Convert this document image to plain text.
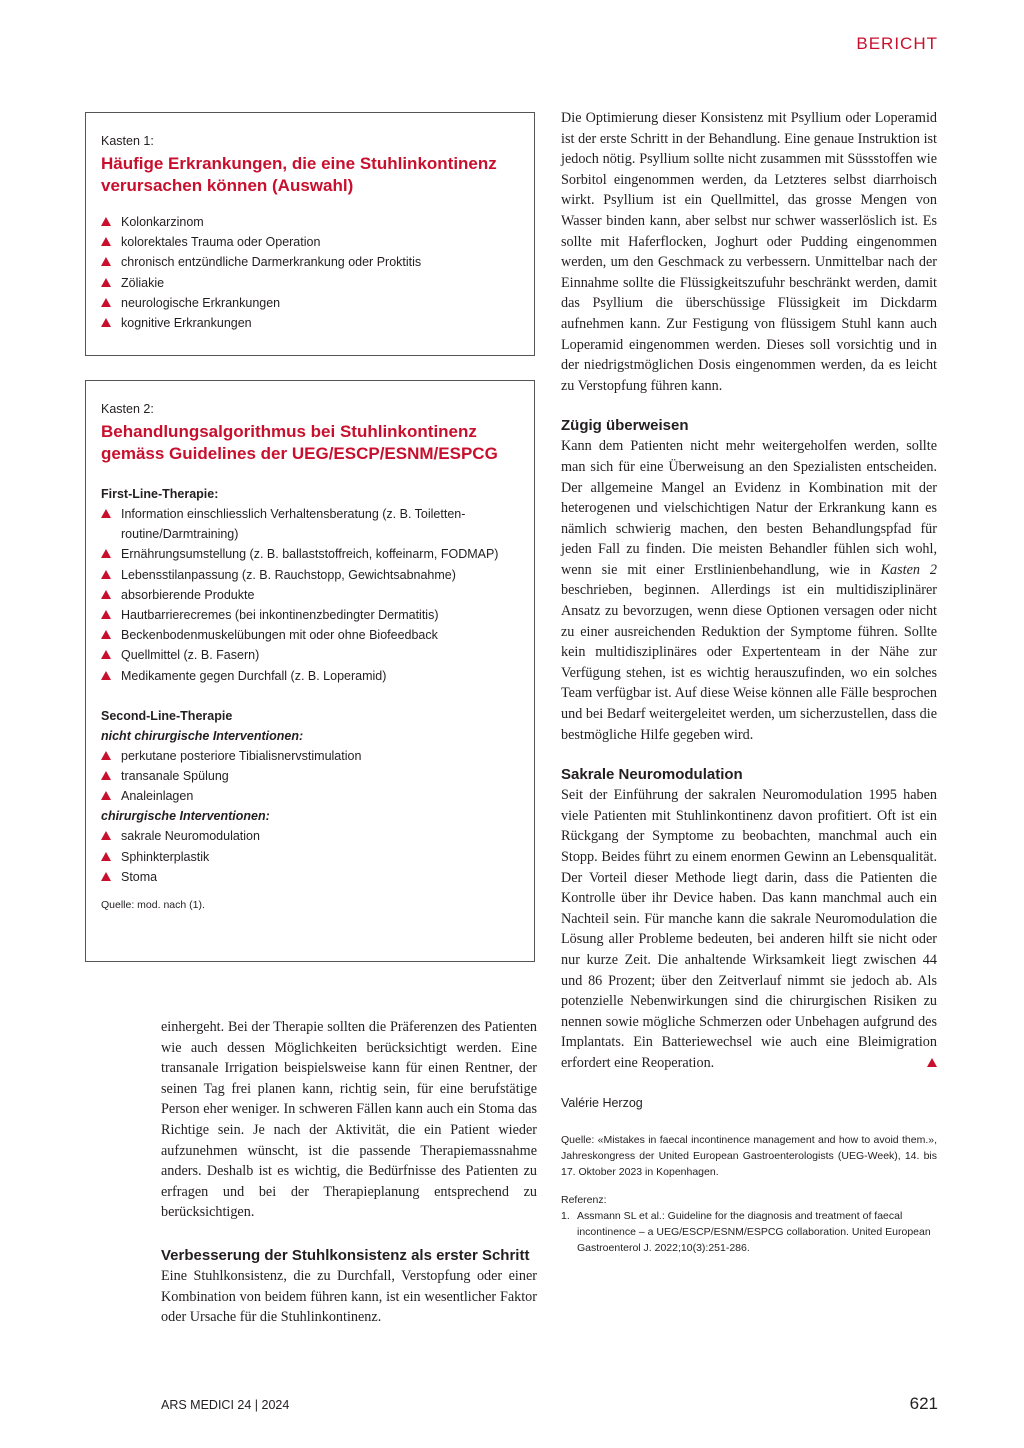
BERICHT

Kasten 1:

Häufige Erkrankungen, die eine Stuhlinkontinenz
verursachen können (Auswahl)
Kolonkarzinom
kolorektales Trauma oder Operation
chronisch entzündliche Darmerkrankung oder Proktitis
Zöliakie
neurologische Erkrankungen
kognitive Erkrankungen

Kasten 2:

Behandlungsalgorithmus bei Stuhlinkontinenz
gemäss Guidelines der UEG/ESCP/ESNM/ESPCG

First-Line-Therapie:

Information einschliesslich Verhaltensberatung (z. B. Toiletten-routine/Darmtraining)
Ernährungsumstellung (z. B. ballaststoffreich, koffeinarm, FODMAP)
Lebensstilanpassung (z. B. Rauchstopp, Gewichtsabnahme)
absorbierende Produkte
Hautbarrierecremes (bei inkontinenzbedingter Dermatitis)
Beckenbodenmuskelübungen mit oder ohne Biofeedback
Quellmittel (z. B. Fasern)
Medikamente gegen Durchfall (z. B. Loperamid)

Second-Line-Therapie

nicht chirurgische Interventionen:

perkutane posteriore Tibialisnervstimulation
transanale Spülung
Analeinlagen

chirurgische Interventionen:

sakrale Neuromodulation
Sphinkterplastik
Stoma
Quelle: mod. nach (1).

einhergeht. Bei der Therapie sollten die Präferenzen des Patienten wie auch dessen Möglichkeiten berücksichtigt werden. Eine transanale Irrigation beispielsweise kann für einen Rentner, der seinen Tag frei planen kann, richtig sein, für eine berufstätige Person eher weniger. In schweren Fällen kann auch ein Stoma das Richtige sein. Je nach der Aktivität, die ein Patient wieder aufzunehmen wünscht, ist die passende Therapiemassnahme anders. Deshalb ist es wichtig, die Bedürfnisse des Patienten zu erfragen und bei der Therapieplanung entsprechend zu berücksichtigen.

Verbesserung der Stuhlkonsistenz als erster Schritt

Eine Stuhlkonsistenz, die zu Durchfall, Verstopfung oder einer Kombination von beidem führen kann, ist ein wesentlicher Faktor oder Ursache für die Stuhlinkontinenz.

Die Optimierung dieser Konsistenz mit Psyllium oder Loperamid ist der erste Schritt in der Behandlung. Eine genaue Instruktion ist jedoch nötig. Psyllium sollte nicht zusammen mit Süssstoffen wie Sorbitol eingenommen werden, da Letzteres selbst diarrhoisch wirkt. Psyllium ist ein Quellmittel, das grosse Mengen von Wasser binden kann, aber selbst nur schwer wasserlöslich ist. Es sollte mit Haferflocken, Joghurt oder Pudding eingenommen werden, um den Geschmack zu verbessern. Unmittelbar nach der Einnahme sollte die Flüssigkeitszufuhr beschränkt werden, damit das Psyllium die überschüssige Flüssigkeit im Dickdarm aufnehmen kann. Zur Festigung von flüssigem Stuhl kann auch Loperamid eingenommen werden. Dieses soll vorsichtig und in der niedrigstmöglichen Dosis eingenommen werden, da es leicht zu Verstopfung führen kann.

Zügig überweisen

Kann dem Patienten nicht mehr weitergeholfen werden, sollte man sich für eine Überweisung an den Spezialisten entscheiden. Der allgemeine Mangel an Evidenz in Kombination mit der heterogenen und vielschichtigen Natur der Erkrankung kann es nämlich schwierig machen, den besten Behandlungspfad für jeden Fall zu finden. Die meisten Behandler fühlen sich wohl, wenn sie mit einer Erstlinienbehandlung, wie in Kasten 2 beschrieben, beginnen. Allerdings ist ein multidisziplinärer Ansatz zu bevorzugen, wenn diese Optionen versagen oder nicht zu einer ausreichenden Reduktion der Symptome führen. Sollte kein multidisziplinäres oder Expertenteam in der Nähe zur Verfügung stehen, ist es wichtig herauszufinden, wo ein solches Team verfügbar ist. Auf diese Weise können alle Fälle besprochen und bei Bedarf weitergeleitet werden, um sicherzustellen, dass die bestmögliche Hilfe gegeben wird.

Sakrale Neuromodulation

Seit der Einführung der sakralen Neuromodulation 1995 haben viele Patienten mit Stuhlinkontinenz davon profitiert. Oft ist ein Rückgang der Symptome zu beobachten, manchmal auch ein Stopp. Beides führt zu einem enormen Gewinn an Lebensqualität. Der Vorteil dieser Methode liegt darin, dass die Patienten die Kontrolle über ihr Device haben. Das kann manchmal auch ein Nachteil sein. Für manche kann die sakrale Neuromodulation die Lösung aller Probleme bedeuten, bei anderen hilft sie nicht oder nur kurze Zeit. Die anhaltende Wirksamkeit liegt zwischen 44 und 86 Prozent; über den Zeitverlauf nimmt sie jedoch ab. Als potenzielle Nebenwirkungen sind die chirurgischen Risiken zu nennen sowie mögliche Schmerzen oder Unbehagen aufgrund des Implantats. Ein Batteriewechsel wie auch eine Bleimigration erfordert eine Reoperation.

Valérie Herzog

Quelle: «Mistakes in faecal incontinence management and how to avoid them.», Jahreskongress der United European Gastroenterologists (UEG-Week), 14. bis 17. Oktober 2023 in Kopenhagen.

Referenz:

1. Assmann SL et al.: Guideline for the diagnosis and treatment of faecal incontinence – a UEG/ESCP/ESNM/ESPCG collaboration. United European Gastroenterol J. 2022;10(3):251-286.

ARS MEDICI 24 | 2024	621
